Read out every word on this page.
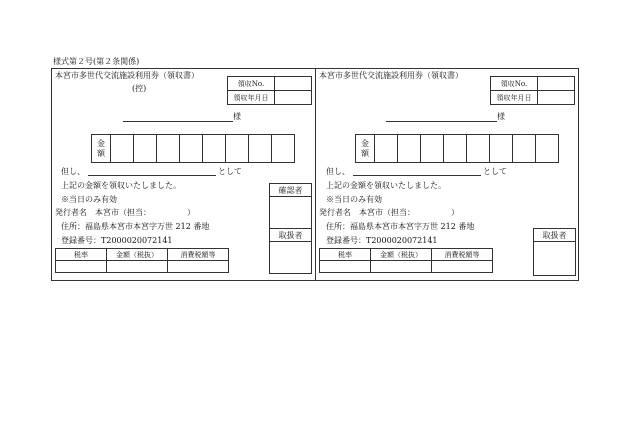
様式第２号(第２条関係)
本宮市多世代交流施設利用券（領収書）
(控)
領収No.	
領収年月日	
様
金
額

但し、	として
上記の金額を領収いたしました。
※当日のみ有効
発行者名　本宮市（担当：　　　　　）
住所：福島県本宮市本宮字万世 212 番地
登録番号：T2000020072141
税率	金額（税抜）	消費税額等

確認者

取扱者

本宮市多世代交流施設利用券（領収書）
領収No.	
領収年月日	
様
金
額

但し、	として
上記の金額を領収いたしました。
※当日のみ有効
発行者名　本宮市（担当：　　　　　）
住所：福島県本宮市本宮字万世 212 番地
登録番号：T2000020072141
税率	金額（税抜）	消費税額等

取扱者
